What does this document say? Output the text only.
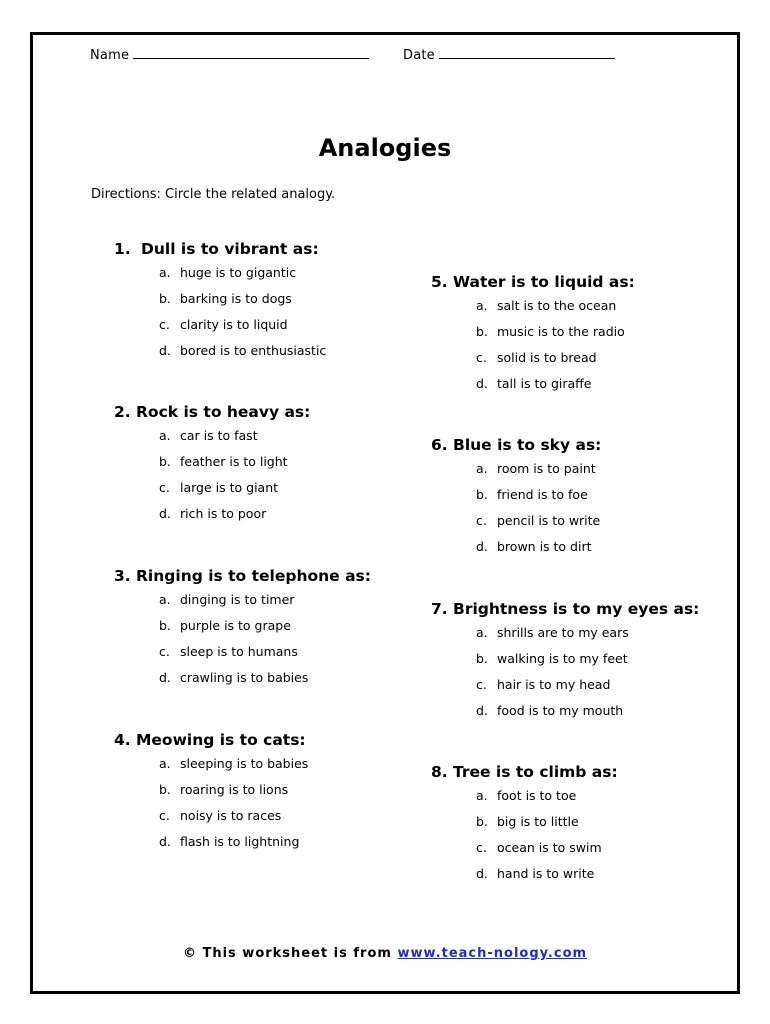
Name	Date
Analogies
Directions: Circle the related analogy.
1. Dull is to vibrant as:
a. huge is to gigantic
b. barking is to dogs
c. clarity is to liquid
d. bored is to enthusiastic
2. Rock is to heavy as:
a. car is to fast
b. feather is to light
c. large is to giant
d. rich is to poor
3. Ringing is to telephone as:
a. dinging is to timer
b. purple is to grape
c. sleep is to humans
d. crawling is to babies
4. Meowing is to cats:
a. sleeping is to babies
b. roaring is to lions
c. noisy is to races
d. flash is to lightning
5. Water is to liquid as:
a. salt is to the ocean
b. music is to the radio
c. solid is to bread
d. tall is to giraffe
6. Blue is to sky as:
a. room is to paint
b. friend is to foe
c. pencil is to write
d. brown is to dirt
7. Brightness is to my eyes as:
a. shrills are to my ears
b. walking is to my feet
c. hair is to my head
d. food is to my mouth
8. Tree is to climb as:
a. foot is to toe
b. big is to little
c. ocean is to swim
d. hand is to write
© This worksheet is from www.teach-nology.com
